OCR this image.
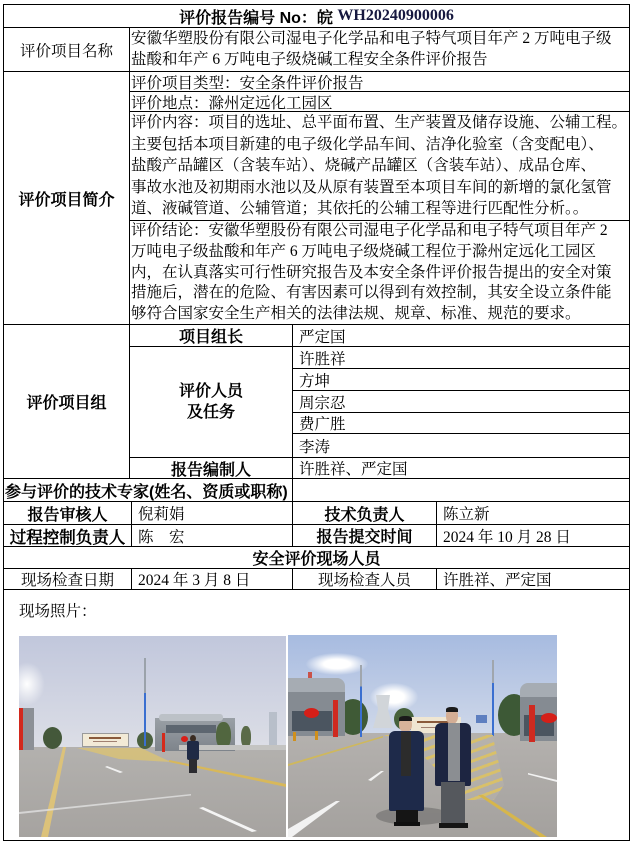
评价报告编号 No：皖 WH20240900006
评价项目名称
安徽华塑股份有限公司湿电子化学品和电子特气项目年产 2 万吨电子级
盐酸和年产 6 万吨电子级烧碱工程安全条件评价报告
评价项目简介
评价项目类型：安全条件评价报告
评价地点：滁州定远化工园区
评价内容：项目的选址、总平面布置、生产装置及储存设施、公辅工程。
主要包括本项目新建的电子级化学品车间、洁净化验室（含变配电）、
盐酸产品罐区（含装车站）、烧碱产品罐区（含装车站）、成品仓库、
事故水池及初期雨水池以及从原有装置至本项目车间的新增的氯化氢管
道、液碱管道、公辅管道；其依托的公辅工程等进行匹配性分析。。
评价结论：安徽华塑股份有限公司湿电子化学品和电子特气项目年产 2
万吨电子级盐酸和年产 6 万吨电子级烧碱工程位于滁州定远化工园区
内，在认真落实可行性研究报告及本安全条件评价报告提出的安全对策
措施后，潜在的危险、有害因素可以得到有效控制，其安全设立条件能
够符合国家安全生产相关的法律法规、规章、标准、规范的要求。
评价项目组
项目组长	严定国
评价人员
及任务
许胜祥
方坤
周宗忍
费广胜
李涛
报告编制人	许胜祥、严定国
参与评价的技术专家(姓名、资质或职称)
报告审核人 倪莉娟	技术负责人 陈立新
过程控制负责人 陈　宏	报告提交时间 2024 年 10 月 28 日
安全评价现场人员
现场检查日期 2024 年 3 月 8 日	现场检查人员 许胜祥、严定国
现场照片：
